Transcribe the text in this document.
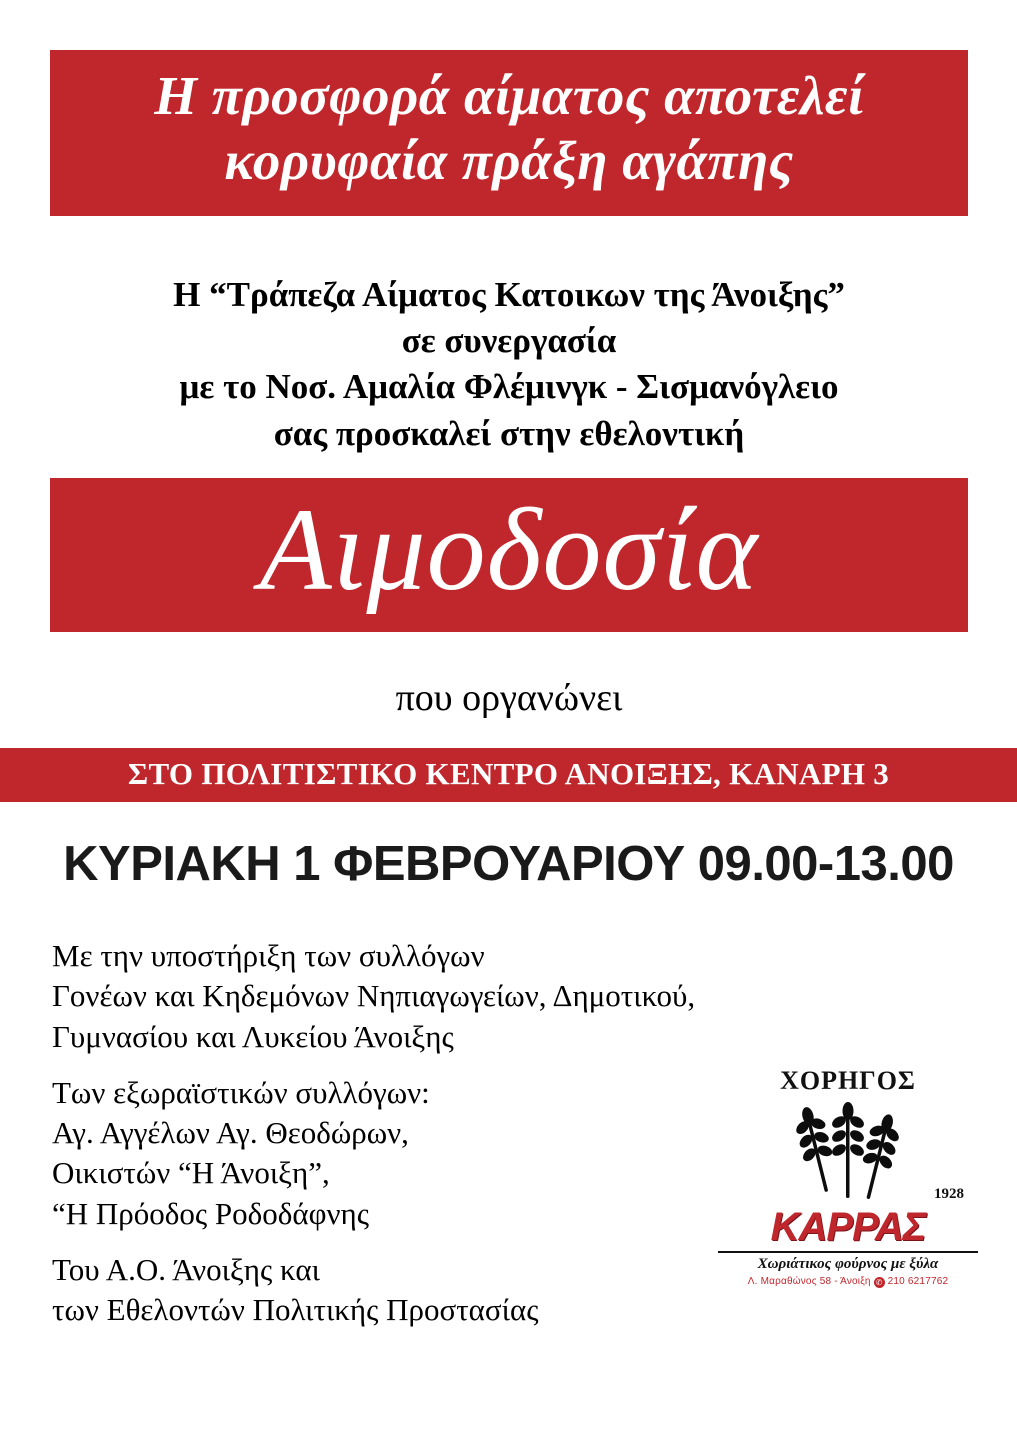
Η προσφορά αίματος αποτελεί
κορυφαία πράξη αγάπης
Η “Τράπεζα Αίματος Κατοικων της Άνοιξης”
σε συνεργασία
με το Νοσ. Αμαλία Φλέμινγκ - Σισμανόγλειο
σας προσκαλεί στην εθελοντική
Αιμοδοσία
που οργανώνει
ΣΤΟ ΠΟΛΙΤΙΣΤΙΚΟ ΚΕΝΤΡΟ ΑΝΟΙΞΗΣ, ΚΑΝΑΡΗ 3
ΚΥΡΙΑΚΗ 1 ΦΕΒΡΟΥΑΡΙΟΥ 09.00-13.00
Με την υποστήριξη των συλλόγων
Γονέων και Κηδεμόνων Νηπιαγωγείων, Δημοτικού,
Γυμνασίου και Λυκείου Άνοιξης
Των εξωραϊστικών συλλόγων:
Αγ. Αγγέλων Αγ. Θεοδώρων,
Οικιστών “Η Άνοιξη”,
“Η Πρόοδος Ροδοδάφνης
Του Α.Ο. Άνοιξης και
των Εθελοντών Πολιτικής Προστασίας
ΧΟΡΗΓΟΣ
1928
KAPPAΣ
Χωριάτικος φούρνος με ξύλα
Λ. Μαραθώνος 58 - Άνοιξη ✆ 210 6217762
